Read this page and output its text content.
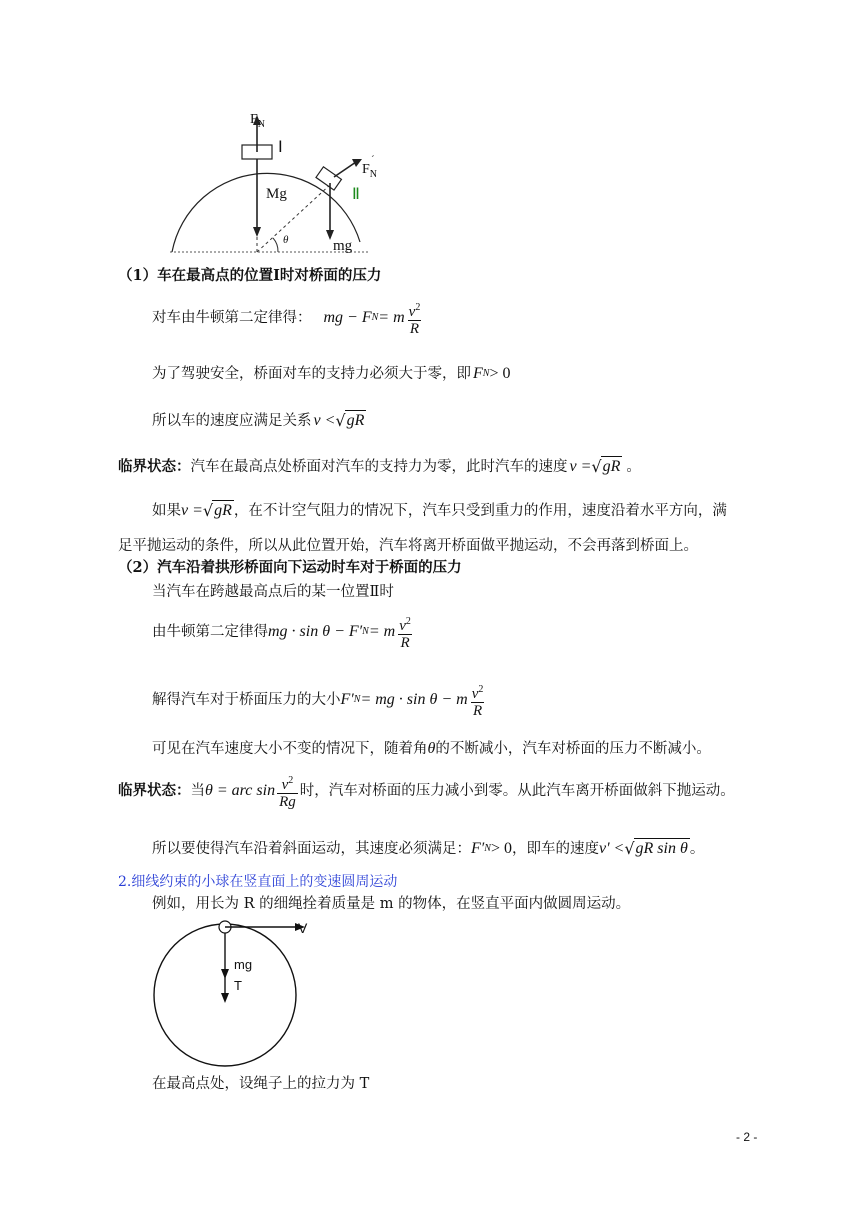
$F_N$
Ⅰ
Mg
$F_N^´$
Ⅱ
θ	mg
（1）车在最高点的位置Ⅰ时对桥面的压力
对车由牛顿第二定律得： mg − F N = m $\frac{v^2}{R}$
为了驾驶安全，桥面对车的支持力必须大于零，即 F N > 0
所以车的速度应满足关系 v < √ gR
临界状态： 汽车在最高点处桥面对汽车的支持力为零，此时汽车的速度 v = √ gR 。
如果 v = √ gR ，在不计空气阻力的情况下，汽车只受到重力的作用，速度沿着水平方向，满
足平抛运动的条件，所以从此位置开始，汽车将离开桥面做平抛运动，不会再落到桥面上。
（2）汽车沿着拱形桥面向下运动时车对于桥面的压力
当汽车在跨越最高点后的某一位置Ⅱ时
由牛顿第二定律得 mg · sin θ − F′ N = m $\frac{v^2}{R}$
解得汽车对于桥面压力的大小 F′ N = mg · sin θ − m $\frac{v^2}{R}$
可见在汽车速度大小不变的情况下，随着角 θ 的不断减小，汽车对桥面的压力不断减小。
临界状态： 当 θ = arc $\sin \frac{v^2}{Rg}$ 时，汽车对桥面的压力减小到零。从此汽车离开桥面做斜下抛运动。
所以要使得汽车沿着斜面运动，其速度必须满足： F′ N > 0 ，即车的速度 v' < √ gR sin θ 。
2.细线约束的小球在竖直面上的变速圆周运动
例如，用长为 R 的细绳拴着质量是 m 的物体，在竖直平面内做圆周运动。
V
mg
T
在最高点处，设绳子上的拉力为 T
- 2 -
